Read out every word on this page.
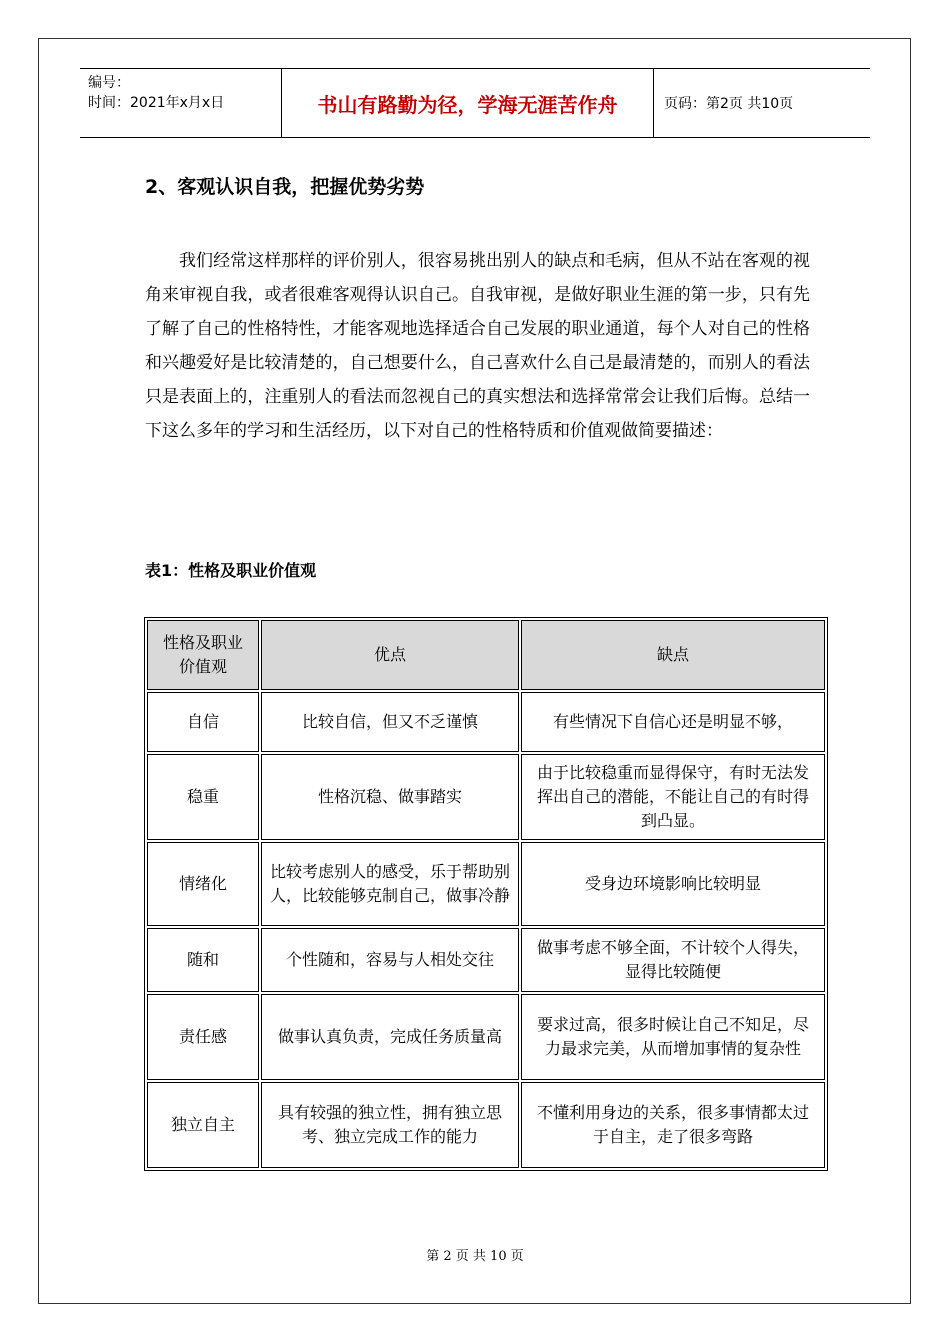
编号：
时间：2021年x月x日	书山有路勤为径，学海无涯苦作舟	页码：第2页 共10页
2、客观认识自我，把握优势劣势

我们经常这样那样的评价别人，很容易挑出别人的缺点和毛病，但从不站在客观的视角来审视自我，或者很难客观得认识自己。自我审视，是做好职业生涯的第一步，只有先了解了自己的性格特性，才能客观地选择适合自己发展的职业通道，每个人对自己的性格和兴趣爱好是比较清楚的，自己想要什么，自己喜欢什么自己是最清楚的，而别人的看法只是表面上的，注重别人的看法而忽视自己的真实想法和选择常常会让我们后悔。总结一下这么多年的学习和生活经历，以下对自己的性格特质和价值观做简要描述：

表1：性格及职业价值观
性格及职业价值观	优点	缺点
自信	比较自信，但又不乏谨慎	有些情况下自信心还是明显不够，
稳重	性格沉稳、做事踏实	由于比较稳重而显得保守，有时无法发挥出自己的潜能，不能让自己的有时得到凸显。
情绪化	比较考虑别人的感受，乐于帮助别人，比较能够克制自己，做事冷静	受身边环境影响比较明显
随和	个性随和，容易与人相处交往	做事考虑不够全面，不计较个人得失，显得比较随便
责任感	做事认真负责，完成任务质量高	要求过高，很多时候让自己不知足，尽力最求完美，从而增加事情的复杂性
独立自主	具有较强的独立性，拥有独立思考、独立完成工作的能力	不懂利用身边的关系，很多事情都太过于自主，走了很多弯路
第 2 页 共 10 页
